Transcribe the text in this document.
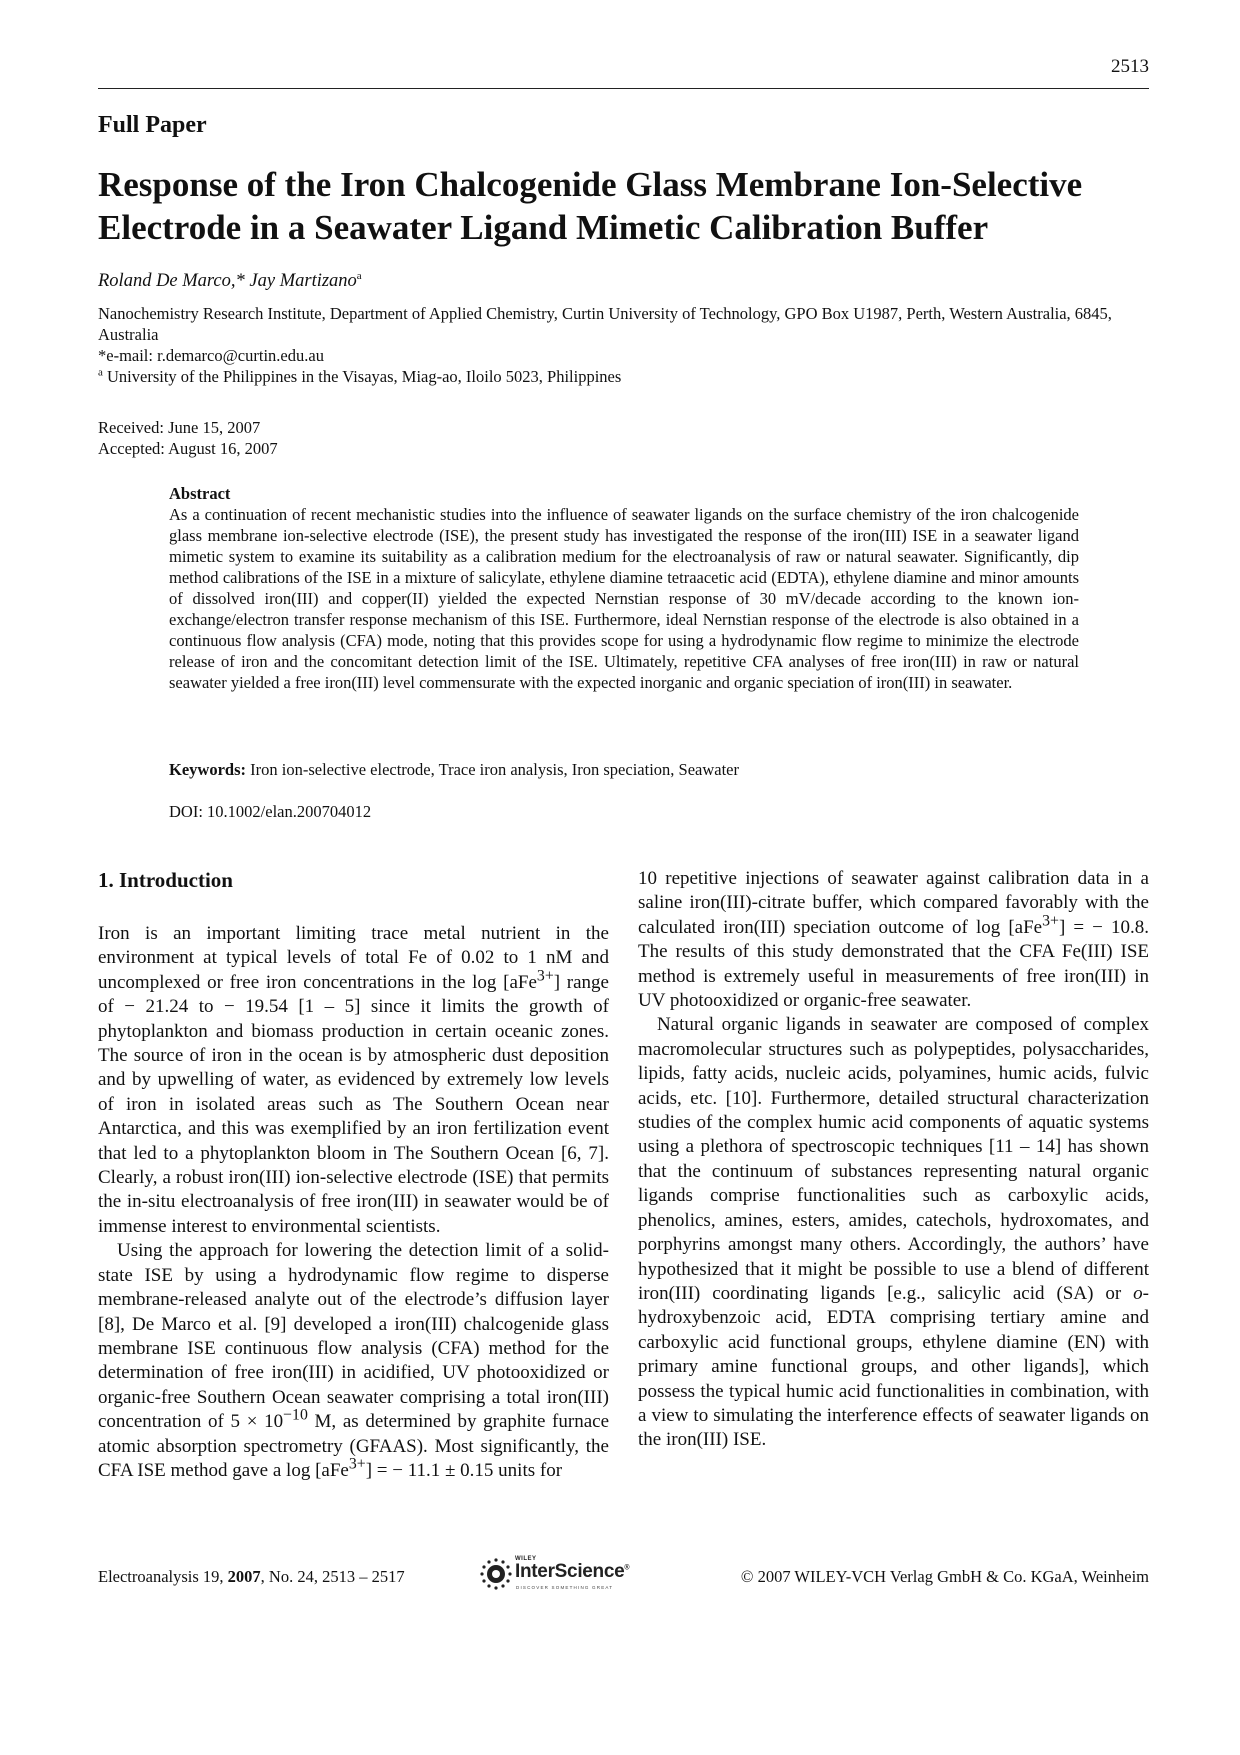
2513
Full Paper
Response of the Iron Chalcogenide Glass Membrane Ion-Selective Electrode in a Seawater Ligand Mimetic Calibration Buffer
Roland De Marco,* Jay Martizano$^a$
Nanochemistry Research Institute, Department of Applied Chemistry, Curtin University of Technology, GPO Box U1987, Perth, Western Australia, 6845, Australia
*e-mail: r.demarco@curtin.edu.au
$^a$ University of the Philippines in the Visayas, Miag-ao, Iloilo 5023, Philippines
Received: June 15, 2007
Accepted: August 16, 2007
Abstract
As a continuation of recent mechanistic studies into the influence of seawater ligands on the surface chemistry of the iron chalcogenide glass membrane ion-selective electrode (ISE), the present study has investigated the response of the iron(III) ISE in a seawater ligand mimetic system to examine its suitability as a calibration medium for the electroanalysis of raw or natural seawater. Significantly, dip method calibrations of the ISE in a mixture of salicylate, ethylene diamine tetraacetic acid (EDTA), ethylene diamine and minor amounts of dissolved iron(III) and copper(II) yielded the expected Nernstian response of 30 mV/decade according to the known ion-exchange/electron transfer response mechanism of this ISE. Furthermore, ideal Nernstian response of the electrode is also obtained in a continuous flow analysis (CFA) mode, noting that this provides scope for using a hydrodynamic flow regime to minimize the electrode release of iron and the concomitant detection limit of the ISE. Ultimately, repetitive CFA analyses of free iron(III) in raw or natural seawater yielded a free iron(III) level commensurate with the expected inorganic and organic speciation of iron(III) in seawater.
Keywords: Iron ion-selective electrode, Trace iron analysis, Iron speciation, Seawater
DOI: 10.1002/elan.200704012
1. Introduction

Iron is an important limiting trace metal nutrient in the environment at typical levels of total Fe of 0.02 to 1 nM and uncomplexed or free iron concentrations in the log [aFe$^{3+}$] range of − 21.24 to − 19.54 [1 – 5] since it limits the growth of phytoplankton and biomass production in certain oceanic zones. The source of iron in the ocean is by atmospheric dust deposition and by upwelling of water, as evidenced by extremely low levels of iron in isolated areas such as The Southern Ocean near Antarctica, and this was exemplified by an iron fertilization event that led to a phytoplankton bloom in The Southern Ocean [6, 7]. Clearly, a robust iron(III) ion-selective electrode (ISE) that permits the in-situ electroanalysis of free iron(III) in seawater would be of immense interest to environmental scientists.

Using the approach for lowering the detection limit of a solid-state ISE by using a hydrodynamic flow regime to disperse membrane-released analyte out of the electrode’s diffusion layer [8], De Marco et al. [9] developed a iron(III) chalcogenide glass membrane ISE continuous flow analysis (CFA) method for the determination of free iron(III) in acidified, UV photooxidized or organic-free Southern Ocean seawater comprising a total iron(III) concentration of $5 \times 10^{-10}$ M, as determined by graphite furnace atomic absorption spectrometry (GFAAS). Most significantly, the CFA ISE method gave a log [aFe$^{3+}$] = − 11.1 ± 0.15 units for

10 repetitive injections of seawater against calibration data in a saline iron(III)-citrate buffer, which compared favorably with the calculated iron(III) speciation outcome of log [aFe$^{3+}$] = − 10.8. The results of this study demonstrated that the CFA Fe(III) ISE method is extremely useful in measurements of free iron(III) in UV photooxidized or organic-free seawater.

Natural organic ligands in seawater are composed of complex macromolecular structures such as polypeptides, polysaccharides, lipids, fatty acids, nucleic acids, polyamines, humic acids, fulvic acids, etc. [10]. Furthermore, detailed structural characterization studies of the complex humic acid components of aquatic systems using a plethora of spectroscopic techniques [11 – 14] has shown that the continuum of substances representing natural organic ligands comprise functionalities such as carboxylic acids, phenolics, amines, esters, amides, catechols, hydroxomates, and porphyrins amongst many others. Accordingly, the authors’ have hypothesized that it might be possible to use a blend of different iron(III) coordinating ligands [e.g., salicylic acid (SA) or o-hydroxybenzoic acid, EDTA comprising tertiary amine and carboxylic acid functional groups, ethylene diamine (EN) with primary amine functional groups, and other ligands], which possess the typical humic acid functionalities in combination, with a view to simulating the interference effects of seawater ligands on the iron(III) ISE.

Electroanalysis 19, 2007, No. 24, 2513 – 2517
WILEY
InterScience®
DISCOVER SOMETHING GREAT
© 2007 WILEY-VCH Verlag GmbH & Co. KGaA, Weinheim
